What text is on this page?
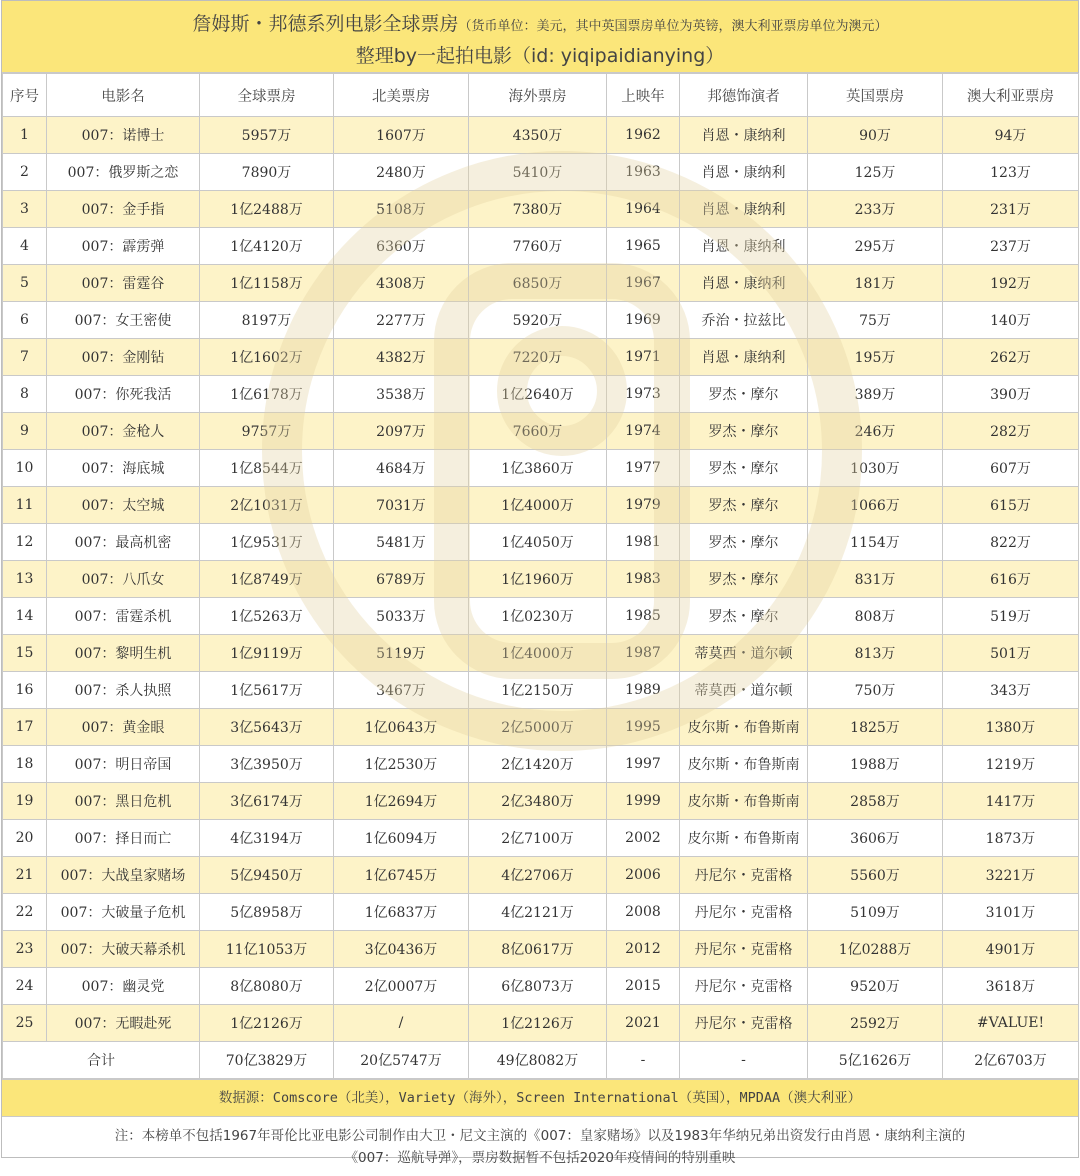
詹姆斯・邦德系列电影全球票房（货币单位：美元，其中英国票房单位为英镑，澳大利亚票房单位为澳元）
整理by一起拍电影（id: yiqipaidianying）
序号	电影名	全球票房	北美票房	海外票房	上映年	邦德饰演者	英国票房	澳大利亚票房
1	007：诺博士	5957万	1607万	4350万	1962	肖恩・康纳利	90万	94万
2	007：俄罗斯之恋	7890万	2480万	5410万	1963	肖恩・康纳利	125万	123万
3	007：金手指	1亿2488万	5108万	7380万	1964	肖恩・康纳利	233万	231万
4	007：霹雳弹	1亿4120万	6360万	7760万	1965	肖恩・康纳利	295万	237万
5	007：雷霆谷	1亿1158万	4308万	6850万	1967	肖恩・康纳利	181万	192万
6	007：女王密使	8197万	2277万	5920万	1969	乔治・拉兹比	75万	140万
7	007：金刚钻	1亿1602万	4382万	7220万	1971	肖恩・康纳利	195万	262万
8	007：你死我活	1亿6178万	3538万	1亿2640万	1973	罗杰・摩尔	389万	390万
9	007：金枪人	9757万	2097万	7660万	1974	罗杰・摩尔	246万	282万
10	007：海底城	1亿8544万	4684万	1亿3860万	1977	罗杰・摩尔	1030万	607万
11	007：太空城	2亿1031万	7031万	1亿4000万	1979	罗杰・摩尔	1066万	615万
12	007：最高机密	1亿9531万	5481万	1亿4050万	1981	罗杰・摩尔	1154万	822万
13	007：八爪女	1亿8749万	6789万	1亿1960万	1983	罗杰・摩尔	831万	616万
14	007：雷霆杀机	1亿5263万	5033万	1亿0230万	1985	罗杰・摩尔	808万	519万
15	007：黎明生机	1亿9119万	5119万	1亿4000万	1987	蒂莫西・道尔顿	813万	501万
16	007：杀人执照	1亿5617万	3467万	1亿2150万	1989	蒂莫西・道尔顿	750万	343万
17	007：黄金眼	3亿5643万	1亿0643万	2亿5000万	1995	皮尔斯・布鲁斯南	1825万	1380万
18	007：明日帝国	3亿3950万	1亿2530万	2亿1420万	1997	皮尔斯・布鲁斯南	1988万	1219万
19	007：黑日危机	3亿6174万	1亿2694万	2亿3480万	1999	皮尔斯・布鲁斯南	2858万	1417万
20	007：择日而亡	4亿3194万	1亿6094万	2亿7100万	2002	皮尔斯・布鲁斯南	3606万	1873万
21	007：大战皇家赌场	5亿9450万	1亿6745万	4亿2706万	2006	丹尼尔・克雷格	5560万	3221万
22	007：大破量子危机	5亿8958万	1亿6837万	4亿2121万	2008	丹尼尔・克雷格	5109万	3101万
23	007：大破天幕杀机	11亿1053万	3亿0436万	8亿0617万	2012	丹尼尔・克雷格	1亿0288万	4901万
24	007：幽灵党	8亿8080万	2亿0007万	6亿8073万	2015	丹尼尔・克雷格	9520万	3618万
25	007：无暇赴死	1亿2126万	/	1亿2126万	2021	丹尼尔・克雷格	2592万	#VALUE!
合计		70亿3829万	20亿5747万	49亿8082万	-	-	5亿1626万	2亿6703万
数据源：Comscore（北美），Variety（海外），Screen International（英国），MPDAA（澳大利亚）
注：本榜单不包括1967年哥伦比亚电影公司制作由大卫・尼文主演的《007：皇家赌场》以及1983年华纳兄弟出资发行由肖恩・康纳利主演的
《007：巡航导弹》，票房数据暂不包括2020年疫情间的特别重映
